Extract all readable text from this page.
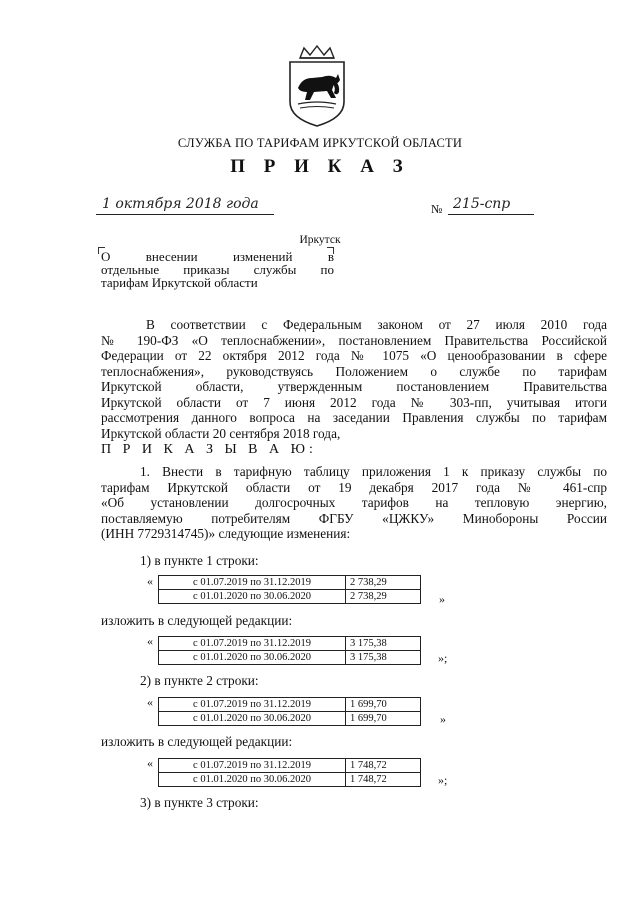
СЛУЖБА ПО ТАРИФАМ ИРКУТСКОЙ ОБЛАСТИ
П Р И К А З
1 октября 2018 года	№ 215-спр
Иркутск
О	внесении	изменений	в
отдельные приказы службы по
тарифам Иркутской области
В соответствии с Федеральным законом от 27 июля 2010 года
№ 190-ФЗ «О теплоснабжении», постановлением Правительства Российской
Федерации от 22 октября 2012 года № 1075 «О ценообразовании в сфере
теплоснабжения», руководствуясь Положением о службе по тарифам
Иркутской области, утвержденным постановлением Правительства
Иркутской области от 7 июня 2012 года № 303-пп, учитывая итоги
рассмотрения данного вопроса на заседании Правления службы по тарифам
Иркутской области 20 сентября 2018 года,
П Р И К А З Ы В А Ю:
1. Внести в тарифную таблицу приложения 1 к приказу службы по
тарифам Иркутской области от 19 декабря 2017 года № 461-спр
«Об установлении долгосрочных тарифов на тепловую энергию,
поставляемую потребителям ФГБУ «ЦЖКУ» Минобороны России
(ИНН 7729314745)» следующие изменения:
1) в пункте 1 строки:
«	с 01.07.2019 по 31.12.2019	2 738,29
с 01.01.2020 по 30.06.2020	2 738,29	»
изложить в следующей редакции:
«	с 01.07.2019 по 31.12.2019	3 175,38
с 01.01.2020 по 30.06.2020	3 175,38	»;
2) в пункте 2 строки:
«	с 01.07.2019 по 31.12.2019	1 699,70
с 01.01.2020 по 30.06.2020	1 699,70	»
изложить в следующей редакции:
«	с 01.07.2019 по 31.12.2019	1 748,72
с 01.01.2020 по 30.06.2020	1 748,72	»;
3) в пункте 3 строки:
